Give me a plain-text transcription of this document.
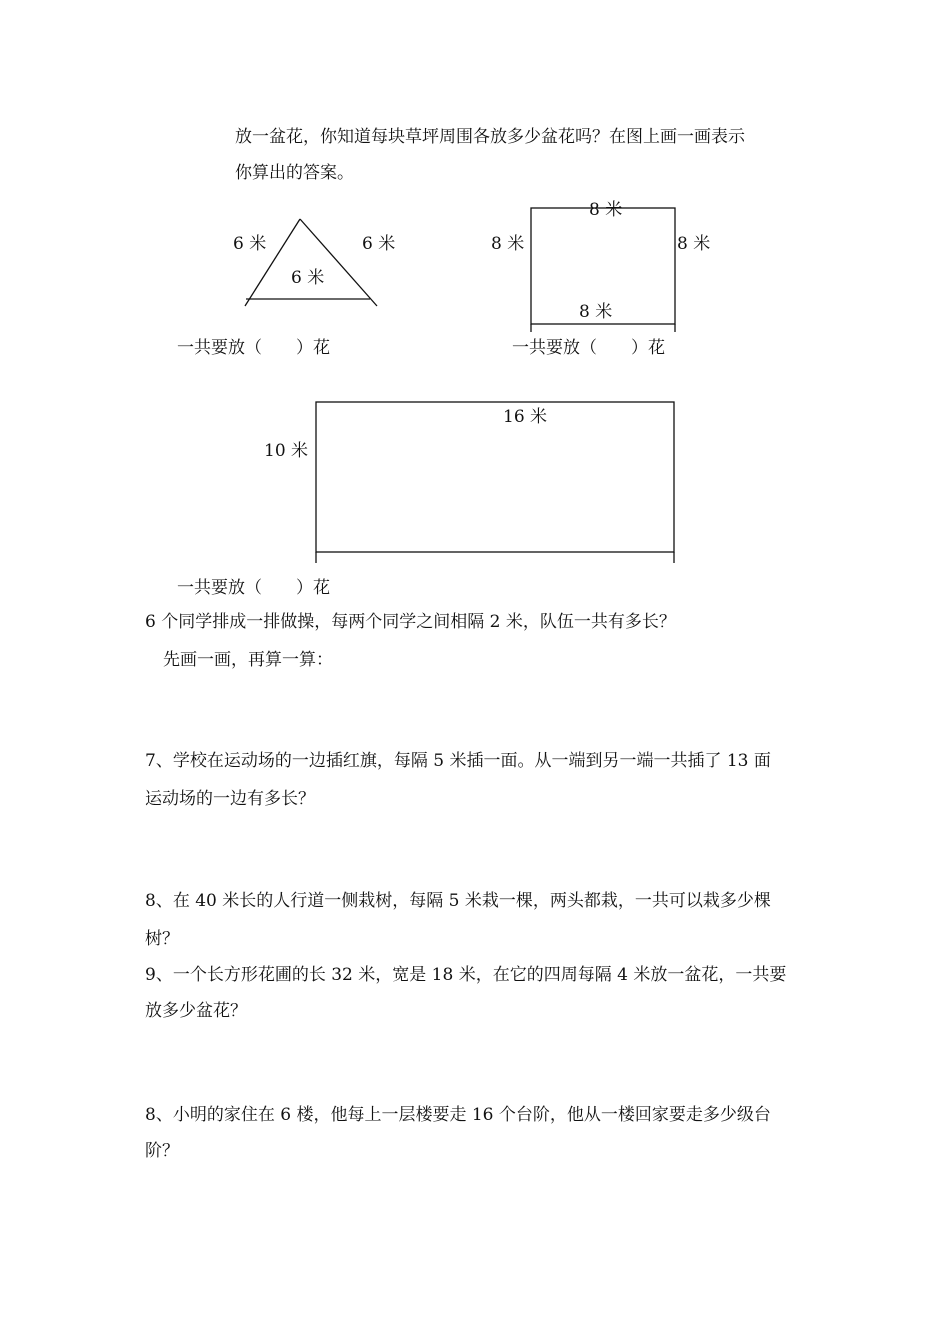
放一盆花，你知道每块草坪周围各放多少盆花吗？在图上画一画表示
你算出的答案。
6 米	6 米
6 米
一共要放（　　）花
8 米
8 米	8 米
8 米
一共要放（　　）花
16 米
10 米
一共要放（　　）花
6 个同学排成一排做操，每两个同学之间相隔 2 米，队伍一共有多长？
先画一画，再算一算：
7、学校在运动场的一边插红旗，每隔 5 米插一面。从一端到另一端一共插了 13 面
运动场的一边有多长？
8、在 40 米长的人行道一侧栽树，每隔 5 米栽一棵，两头都栽，一共可以栽多少棵
树？
9、一个长方形花圃的长 32 米，宽是 18 米，在它的四周每隔 4 米放一盆花，一共要
放多少盆花？
8、小明的家住在 6 楼，他每上一层楼要走 16 个台阶，他从一楼回家要走多少级台
阶？
